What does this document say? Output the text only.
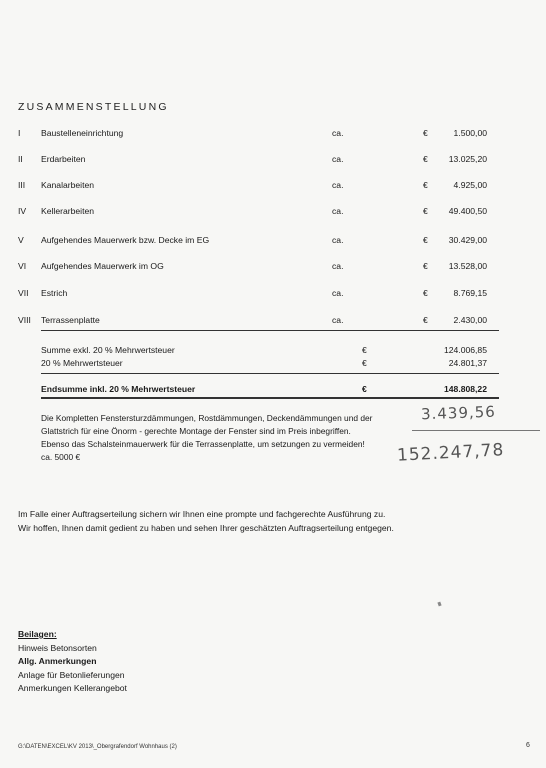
ZUSAMMENSTELLUNG
I	Baustelleneinrichtung	ca.	€	1.500,00
II	Erdarbeiten	ca.	€	13.025,20
III	Kanalarbeiten	ca.	€	4.925,00
IV	Kellerarbeiten	ca.	€	49.400,50
V	Aufgehendes Mauerwerk bzw. Decke im EG	ca.	€	30.429,00
VI	Aufgehendes Mauerwerk im OG	ca.	€	13.528,00
VII	Estrich	ca.	€	8.769,15
VIII	Terrassenplatte	ca.	€	2.430,00
Summe exkl. 20 % Mehrwertsteuer	€	124.006,85
20 % Mehrwertsteuer	€	24.801,37
Endsumme inkl. 20 % Mehrwertsteuer	€	148.808,22
Die Kompletten Fenstersturzdämmungen, Rostdämmungen, Deckendämmungen und der
Glattstrich für eine Önorm - gerechte Montage der Fenster sind im Preis inbegriffen.
Ebenso das Schalsteinmauerwerk für die Terrassenplatte, um setzungen zu vermeiden!
ca. 5000 €
3.439,56
152.247,78
Im Falle einer Auftragserteilung sichern wir Ihnen eine prompte und fachgerechte Ausführung zu.
Wir hoffen, Ihnen damit gedient zu haben und sehen Ihrer geschätzten Auftragserteilung entgegen.
Beilagen:
Hinweis Betonsorten
Allg. Anmerkungen
Anlage für Betonlieferungen
Anmerkungen Kellerangebot
G:\DATEN\EXCEL\KV 2013\_Obergrafendorf Wohnhaus (2)	6
